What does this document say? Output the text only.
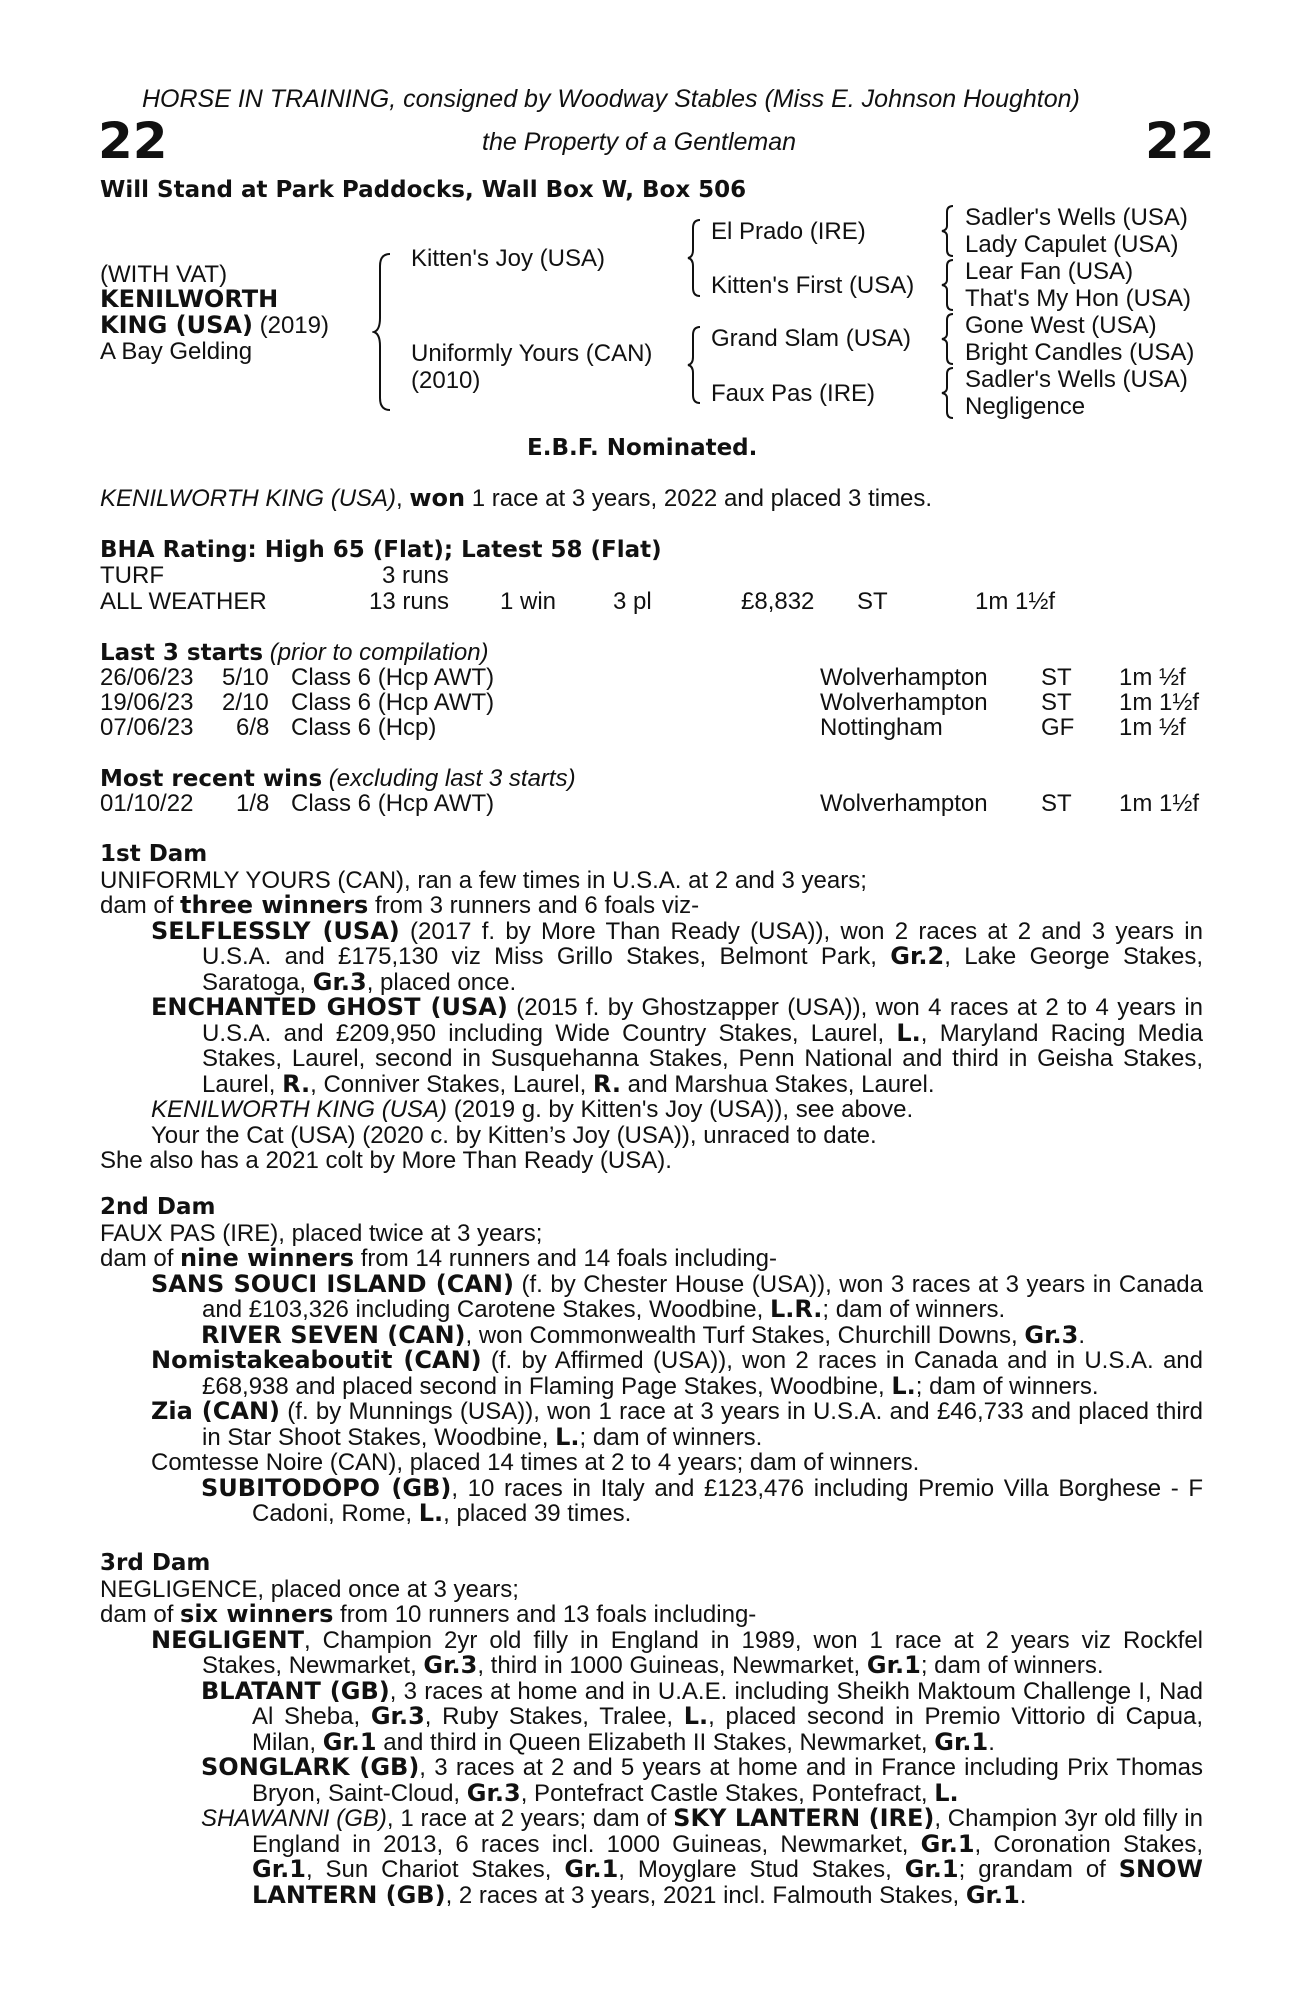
HORSE IN TRAINING, consigned by Woodway Stables (Miss E. Johnson Houghton)
22	22
the Property of a Gentleman
Will Stand at Park Paddocks, Wall Box W, Box 506
(WITH VAT)
KENILWORTH
KING (USA) (2019)
A Bay Gelding
Kitten's Joy (USA)
Uniformly Yours (CAN)
(2010)
El Prado (IRE)
Kitten's First (USA)
Grand Slam (USA)
Faux Pas (IRE)
Sadler's Wells (USA)
Lady Capulet (USA)
Lear Fan (USA)
That's My Hon (USA)
Gone West (USA)
Bright Candles (USA)
Sadler's Wells (USA)
Negligence
E.B.F. Nominated.
KENILWORTH KING (USA), won 1 race at 3 years, 2022 and placed 3 times.
BHA Rating: High 65 (Flat); Latest 58 (Flat)
TURF	3 runs
ALL WEATHER	13 runs 1 win 3 pl	£8,832 ST	1m 1½f
Last 3 starts (prior to compilation)
26/06/23 5/10 Class 6 (Hcp AWT)	Wolverhampton ST 1m ½f
19/06/23 2/10 Class 6 (Hcp AWT)	Wolverhampton ST 1m 1½f
07/06/23 6/8 Class 6 (Hcp)	Nottingham	GF 1m ½f
Most recent wins (excluding last 3 starts)
01/10/22 1/8 Class 6 (Hcp AWT)	Wolverhampton ST 1m 1½f

1st Dam

UNIFORMLY YOURS (CAN), ran a few times in U.S.A. at 2 and 3 years;

dam of three winners from 3 runners and 6 foals viz-

SELFLESSLY (USA) (2017 f. by More Than Ready (USA)), won 2 races at 2 and 3 years in U.S.A. and £175,130 viz Miss Grillo Stakes, Belmont Park, Gr.2, Lake George Stakes, Saratoga, Gr.3, placed once.

ENCHANTED GHOST (USA) (2015 f. by Ghostzapper (USA)), won 4 races at 2 to 4 years in U.S.A. and £209,950 including Wide Country Stakes, Laurel, L., Maryland Racing Media Stakes, Laurel, second in Susquehanna Stakes, Penn National and third in Geisha Stakes, Laurel, R., Conniver Stakes, Laurel, R. and Marshua Stakes, Laurel.

KENILWORTH KING (USA) (2019 g. by Kitten's Joy (USA)), see above.

Your the Cat (USA) (2020 c. by Kitten’s Joy (USA)), unraced to date.

She also has a 2021 colt by More Than Ready (USA).

2nd Dam

FAUX PAS (IRE), placed twice at 3 years;

dam of nine winners from 14 runners and 14 foals including-

SANS SOUCI ISLAND (CAN) (f. by Chester House (USA)), won 3 races at 3 years in Canada and £103,326 including Carotene Stakes, Woodbine, L.R.; dam of winners.

RIVER SEVEN (CAN), won Commonwealth Turf Stakes, Churchill Downs, Gr.3.

Nomistakeaboutit (CAN) (f. by Affirmed (USA)), won 2 races in Canada and in U.S.A. and £68,938 and placed second in Flaming Page Stakes, Woodbine, L.; dam of winners.

Zia (CAN) (f. by Munnings (USA)), won 1 race at 3 years in U.S.A. and £46,733 and placed third in Star Shoot Stakes, Woodbine, L.; dam of winners.

Comtesse Noire (CAN), placed 14 times at 2 to 4 years; dam of winners.

SUBITODOPO (GB), 10 races in Italy and £123,476 including Premio Villa Borghese - F Cadoni, Rome, L., placed 39 times.

3rd Dam

NEGLIGENCE, placed once at 3 years;

dam of six winners from 10 runners and 13 foals including-

NEGLIGENT, Champion 2yr old filly in England in 1989, won 1 race at 2 years viz Rockfel Stakes, Newmarket, Gr.3, third in 1000 Guineas, Newmarket, Gr.1; dam of winners.

BLATANT (GB), 3 races at home and in U.A.E. including Sheikh Maktoum Challenge I, Nad Al Sheba, Gr.3, Ruby Stakes, Tralee, L., placed second in Premio Vittorio di Capua, Milan, Gr.1 and third in Queen Elizabeth II Stakes, Newmarket, Gr.1.

SONGLARK (GB), 3 races at 2 and 5 years at home and in France including Prix Thomas Bryon, Saint-Cloud, Gr.3, Pontefract Castle Stakes, Pontefract, L.

SHAWANNI (GB), 1 race at 2 years; dam of SKY LANTERN (IRE), Champion 3yr old filly in England in 2013, 6 races incl. 1000 Guineas, Newmarket, Gr.1, Coronation Stakes, Gr.1, Sun Chariot Stakes, Gr.1, Moyglare Stud Stakes, Gr.1; grandam of SNOW LANTERN (GB), 2 races at 3 years, 2021 incl. Falmouth Stakes, Gr.1.
